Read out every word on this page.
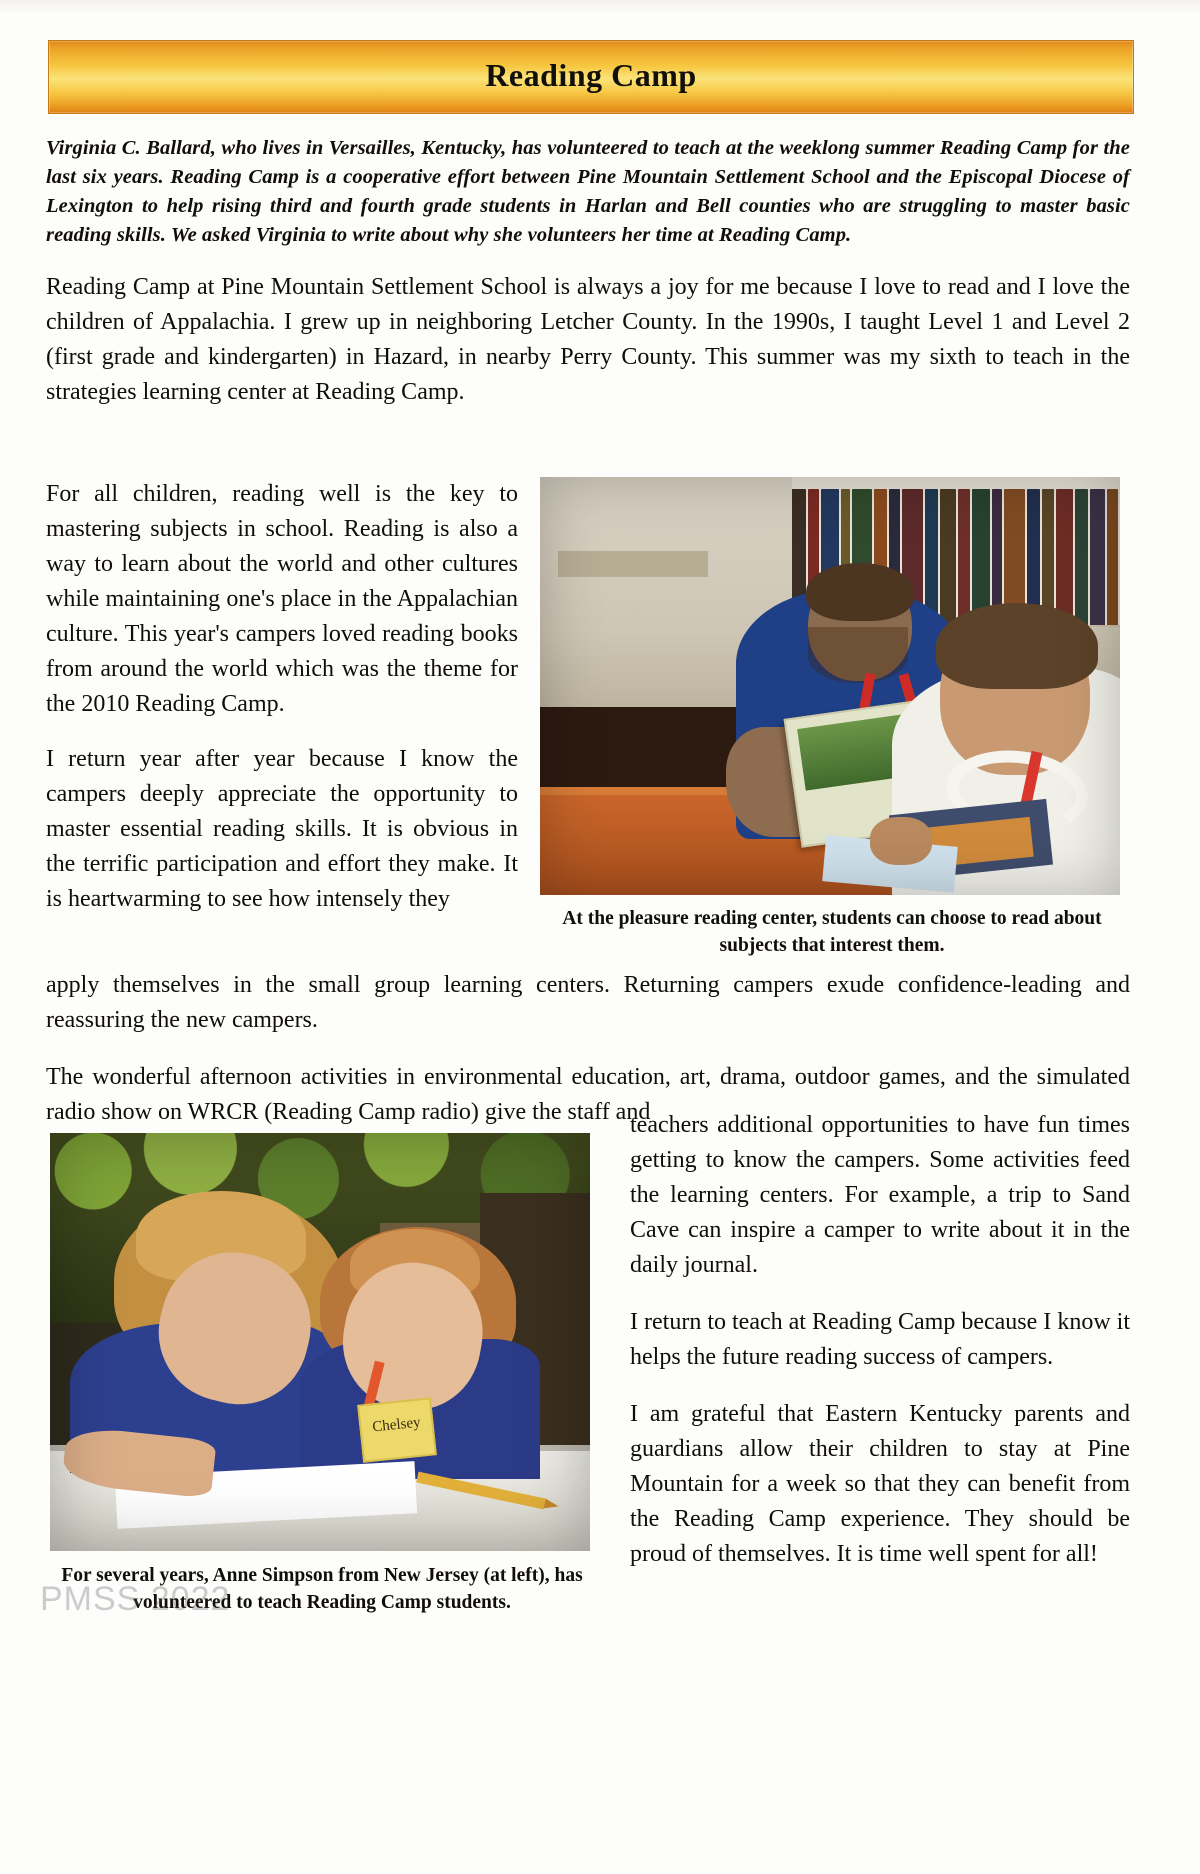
Reading Camp
Virginia C. Ballard, who lives in Versailles, Kentucky, has volunteered to teach at the weeklong summer Reading Camp for the last six years. Reading Camp is a cooperative effort between Pine Mountain Settlement School and the Episcopal Diocese of Lexington to help rising third and fourth grade students in Harlan and Bell counties who are struggling to master basic reading skills. We asked Virginia to write about why she volunteers her time at Reading Camp.

Reading Camp at Pine Mountain Settlement School is always a joy for me because I love to read and I love the children of Appalachia. I grew up in neighboring Letcher County. In the 1990s, I taught Level 1 and Level 2 (first grade and kindergarten) in Hazard, in nearby Perry County. This summer was my sixth to teach in the strategies learning center at Reading Camp.

For all children, reading well is the key to mastering subjects in school. Reading is also a way to learn about the world and other cultures while maintaining one's place in the Appalachian culture. This year's campers loved reading books from around the world which was the theme for the 2010 Reading Camp.

I return year after year because I know the campers deeply appreciate the opportunity to master essential reading skills. It is obvious in the terrific participation and effort they make. It is heartwarming to see how intensely they

At the pleasure reading center, students can choose to read about subjects that interest them.

apply themselves in the small group learning centers. Returning campers exude confidence-leading and reassuring the new campers.

The wonderful afternoon activities in environmental education, art, drama, outdoor games, and the simulated radio show on WRCR (Reading Camp radio) give the staff and

Chelsey
For several years, Anne Simpson from New Jersey (at left), has volunteered to teach Reading Camp students.

teachers additional opportunities to have fun times getting to know the campers. Some activities feed the learning centers. For example, a trip to Sand Cave can inspire a camper to write about it in the daily journal.

I return to teach at Reading Camp because I know it helps the future reading success of campers.

I am grateful that Eastern Kentucky parents and guardians allow their children to stay at Pine Mountain for a week so that they can benefit from the Reading Camp experience. They should be proud of themselves. It is time well spent for all!

PMSS 2022
